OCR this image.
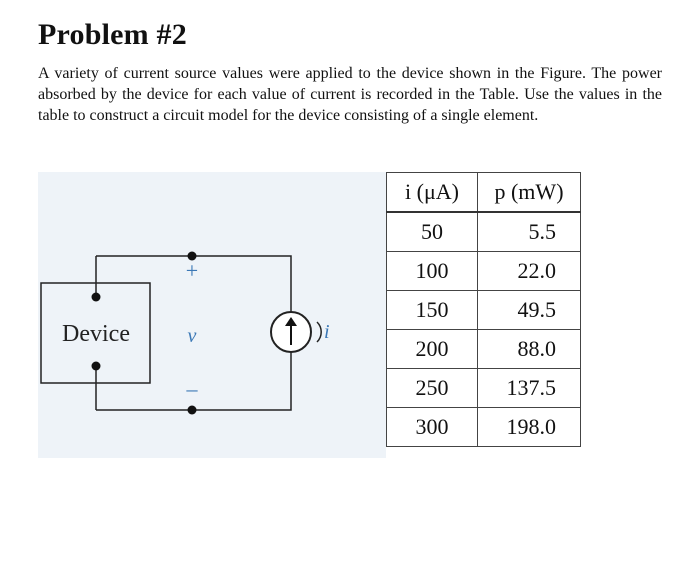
Problem #2

A variety of current source values were applied to the device shown in the Figure. The power absorbed by the device for each value of current is recorded in the Table. Use the values in the table to construct a circuit model for the device consisting of a single element.

Device
+
v
–
i
i (μA)	p (mW)
50	5.5
100	22.0
150	49.5
200	88.0
250	137.5
300	198.0
